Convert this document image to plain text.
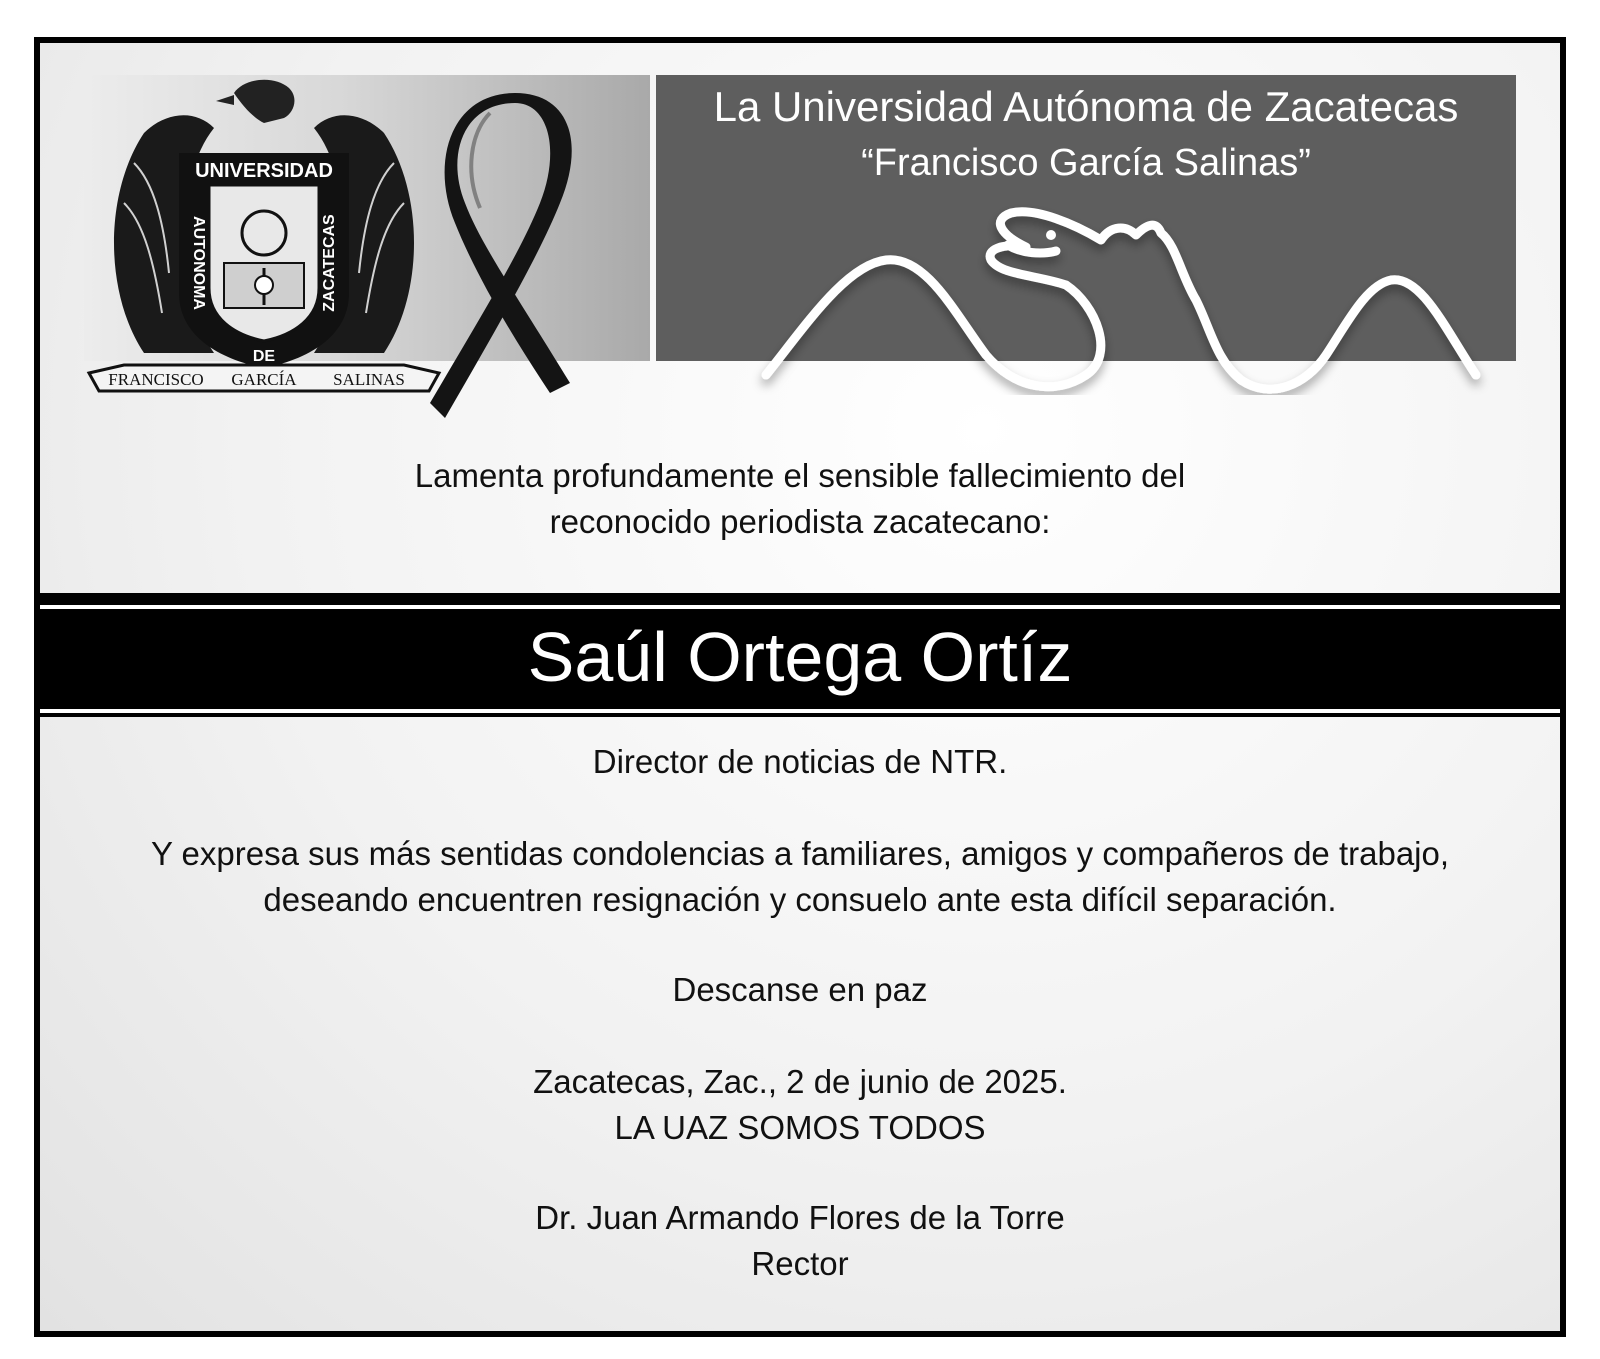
La Universidad Autónoma de Zacatecas
“Francisco García Salinas”
UNIVERSIDAD
AUTONOMA	ZACATECAS
DE
FRANCISCO GARCÍA SALINAS
Lamenta profundamente el sensible fallecimiento del
reconocido periodista zacatecano:
Saúl Ortega Ortíz
Director de noticias de NTR.
Y expresa sus más sentidas condolencias a familiares, amigos y compañeros de trabajo,
deseando encuentren resignación y consuelo ante esta difícil separación.
Descanse en paz
Zacatecas, Zac., 2 de junio de 2025.
LA UAZ SOMOS TODOS
Dr. Juan Armando Flores de la Torre
Rector
